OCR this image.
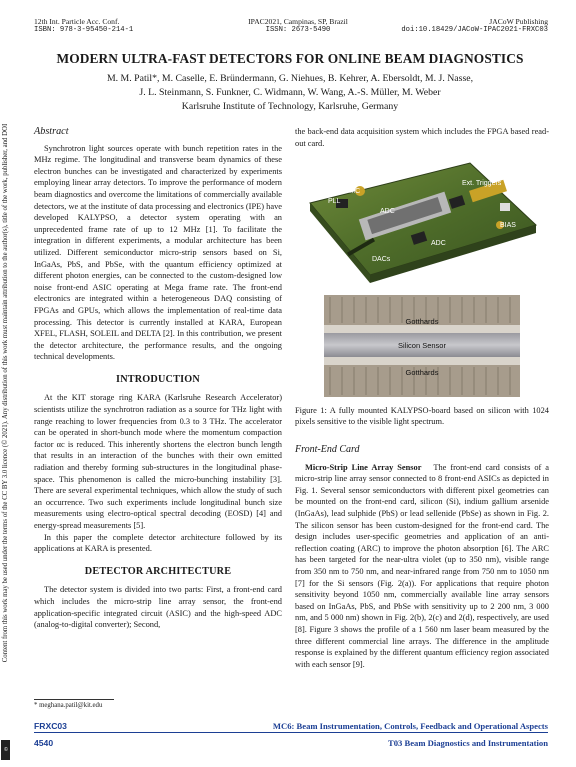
12th Int. Particle Acc. Conf.
ISBN: 978-3-95450-214-1
IPAC2021, Campinas, SP, Brazil
ISSN: 2673-5490
JACoW Publishing
doi:10.18429/JACoW-IPAC2021-FRXC03
Content from this work may be used under the terms of the CC BY 3.0 licence (© 2021). Any distribution of this work must maintain attribution to the author(s), title of the work, publisher, and DOI
©
MODERN ULTRA-FAST DETECTORS FOR ONLINE BEAM DIAGNOSTICS
M. M. Patil*, M. Caselle, E. Bründermann, G. Niehues, B. Kehrer, A. Ebersoldt, M. J. Nasse,
J. L. Steinmann, S. Funkner, C. Widmann, W. Wang, A.-S. Müller, M. Weber
Karlsruhe Institute of Technology, Karlsruhe, Germany
Abstract

Synchrotron light sources operate with bunch repetition rates in the MHz regime. The longitudinal and transverse beam dynamics of these electron bunches can be investigated and characterized by experiments employing linear array detectors. To improve the performance of modern beam diagnostics and overcome the limitations of commercially available detectors, we at the institute of data processing and electronics (IPE) have developed KALYPSO, a detector system operating with an unprecedented frame rate of up to 12 MHz [1]. To facilitate the integration in different experiments, a modular architecture has been utilized. Different semiconductor micro-strip sensors based on Si, InGaAs, PbS, and PbSe, with the quantum efficiency optimized at different photon energies, can be connected to the custom-designed low noise front-end ASIC operating at Mega frame rate. The front-end electronics are integrated within a heterogeneous DAQ consisting of FPGAs and GPUs, which allows the implementation of real-time data processing. This detector is currently installed at KARA, European XFEL, FLASH, SOLEIL and DELTA [2]. In this contribution, we present the detector architecture, the performance results, and the ongoing technical developments.

INTRODUCTION

At the KIT storage ring KARA (Karlsruhe Research Accelerator) scientists utilize the synchrotron radiation as a source for THz light with range reaching to lower frequencies from 0.3 to 3 THz. The accelerator can be operated in short-bunch mode where the momentum compaction factor αc is reduced. This inherently shortens the electron bunch length that results in an interaction of the bunches with their own emitted radiation and thereby forming sub-structures in the longitudinal phase-space. This phenomenon is called the micro-bunching instability [3]. There are several experimental techniques, which allow the study of such an occurrence. Two such experiments include longitudinal bunch size measurements using electro-optical spectral decoding (EOSD) [4] and energy-spread measurements [5].

In this paper the complete detector architecture followed by its applications at KARA is presented.

DETECTOR ARCHITECTURE

The detector system is divided into two parts: First, a front-end card which includes the micro-strip line array sensor, the front-end application-specific integrated circuit (ASIC) and the high-speed ADC (analog-to-digital converter); Second,

the back-end data acquisition system which includes the FPGA based read-out card.
FMC
PLL
ADC
Ext. Triggers
BIAS
ADC
DACs
Gotthards
Silicon Sensor
Gotthards
Figure 1: A fully mounted KALYPSO-board based on silicon with 1024 pixels sensitive to the visible light spectrum.
Front-End Card

Micro-Strip Line Array Sensor The front-end card consists of a micro-strip line array sensor connected to 8 front-end ASICs as depicted in Fig. 1. Several sensor semiconductors with different pixel geometries can be mounted on the front-end card, silicon (Si), indium gallium arsenide (InGaAs), lead sulphide (PbS) or lead sellenide (PbSe) as shown in Fig. 2. The silicon sensor has been custom-designed for the front-end card. The design includes user-specific geometries and application of an anti-reflection coating (ARC) to improve the photon absorption [6]. The ARC has been targeted for the near-ultra violet (up to 350 nm), visible range from 350 nm to 750 nm, and near-infrared range from 750 nm to 1050 nm [7] for the Si sensors (Fig. 2(a)). For applications that require photon sensitivity beyond 1050 nm, commercially available line array sensors based on InGaAs, PbS, and PbSe with sensitivity up to 2 200 nm, 3 000 nm, and 5 000 nm) shown in Fig. 2(b), 2(c) and 2(d), respectively, are used [8]. Figure 3 shows the profile of a 1 560 nm laser beam measured by the three different commercial line arrays. The difference in the amplitude response is explained by the different quantum efficiency region associated with each sensor [9].

* meghana.patil@kit.edu
FRXC03
4540
MC6: Beam Instrumentation, Controls, Feedback and Operational Aspects
T03 Beam Diagnostics and Instrumentation
